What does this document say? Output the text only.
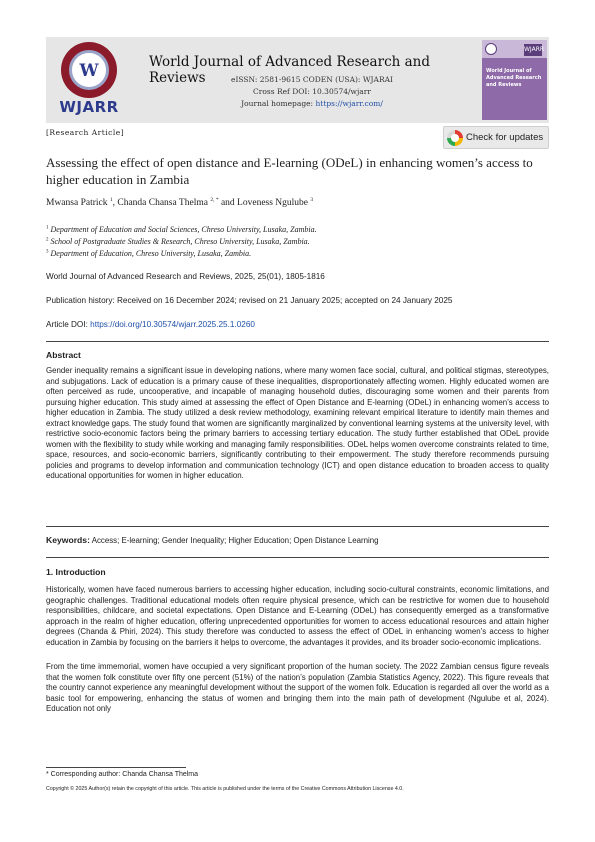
W
WJARR
World Journal of Advanced Research and Reviews	eISSN: 2581-9615 CODEN (USA): WJARAI
Cross Ref DOI: 10.30574/wjarr
Journal homepage: https://wjarr.com/
WJARR
World Journal of Advanced Research and Reviews
[Research Article]	Check for updates
Assessing the effect of open distance and E-learning (ODeL) in enhancing women’s access to higher education in Zambia
Mwansa Patrick $^1$, Chanda Chansa Thelma $^{2, *}$ and Loveness Ngulube $^3$
$^1$ Department of Education and Social Sciences, Chreso University, Lusaka, Zambia.
$^2$ School of Postgraduate Studies & Research, Chreso University, Lusaka, Zambia.
$^3$ Department of Education, Chreso University, Lusaka, Zambia.
World Journal of Advanced Research and Reviews, 2025, 25(01), 1805-1816
Publication history: Received on 16 December 2024; revised on 21 January 2025; accepted on 24 January 2025
Article DOI: https://doi.org/10.30574/wjarr.2025.25.1.0260
Abstract
Gender inequality remains a significant issue in developing nations, where many women face social, cultural, and political stigmas, stereotypes, and subjugations. Lack of education is a primary cause of these inequalities, disproportionately affecting women. Highly educated women are often perceived as rude, uncooperative, and incapable of managing household duties, discouraging some women and their parents from pursuing higher education. This study aimed at assessing the effect of Open Distance and E-learning (ODeL) in enhancing women’s access to higher education in Zambia. The study utilized a desk review methodology, examining relevant empirical literature to identify main themes and extract knowledge gaps. The study found that women are significantly marginalized by conventional learning systems at the university level, with restrictive socio-economic factors being the primary barriers to accessing tertiary education. The study further established that ODeL provide women with the flexibility to study while working and managing family responsibilities. ODeL helps women overcome constraints related to time, space, resources, and socio-economic barriers, significantly contributing to their empowerment. The study therefore recommends pursuing policies and programs to develop information and communication technology (ICT) and open distance education to broaden access to quality educational opportunities for women in higher education.
Keywords: Access; E-learning; Gender Inequality; Higher Education; Open Distance Learning
1. Introduction
Historically, women have faced numerous barriers to accessing higher education, including socio-cultural constraints, economic limitations, and geographic challenges. Traditional educational models often require physical presence, which can be restrictive for women due to household responsibilities, childcare, and societal expectations. Open Distance and E-Learning (ODeL) has consequently emerged as a transformative approach in the realm of higher education, offering unprecedented opportunities for women to access educational resources and attain higher degrees (Chanda & Phiri, 2024). This study therefore was conducted to assess the effect of ODeL in enhancing women’s access to higher education in Zambia by focusing on the barriers it helps to overcome, the advantages it provides, and its broader socio-economic implications.
From the time immemorial, women have occupied a very significant proportion of the human society. The 2022 Zambian census figure reveals that the women folk constitute over fifty one percent (51%) of the nation’s population (Zambia Statistics Agency, 2022). This figure reveals that the country cannot experience any meaningful development without the support of the women folk. Education is regarded all over the world as a basic tool for empowering, enhancing the status of women and bringing them into the main path of development (Ngulube et al, 2024). Education not only
* Corresponding author: Chanda Chansa Thelma
Copyright © 2025 Author(s) retain the copyright of this article. This article is published under the terms of the Creative Commons Attribution Liscense 4.0.
